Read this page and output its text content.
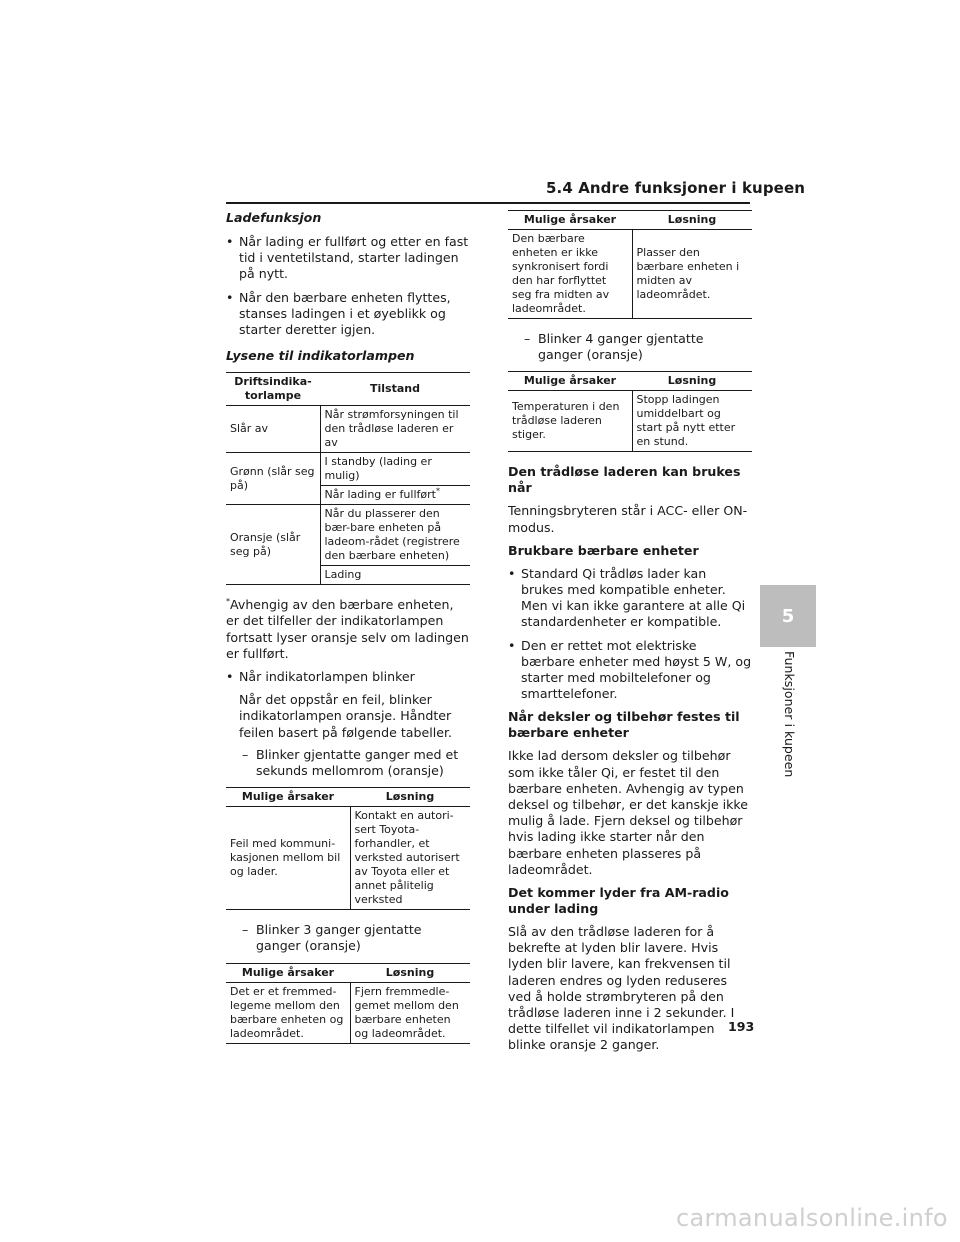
5.4 Andre funksjoner i kupeen
Ladefunksjon
• Når lading er fullført og etter en fast tid i ventetilstand, starter ladingen på nytt.
• Når den bærbare enheten flyttes, stanses ladingen i et øyeblikk og starter deretter igjen.
Lysene til indikatorlampen
Driftsindika-torlampe	Tilstand
Slår av	Når strømforsyningen til den trådløse laderen er av
Grønn (slår seg på)	I standby (lading er mulig)
	Når lading er fullført*
Oransje (slår seg på)	Når du plasserer den bær-bare enheten på ladeom-rådet (registrere den bærbare enheten)
	Lading
*Avhengig av den bærbare enheten, er det tilfeller der indikatorlampen fortsatt lyser oransje selv om ladingen er fullført.
• Når indikatorlampen blinker
Når det oppstår en feil, blinker indikatorlampen oransje. Håndter feilen basert på følgende tabeller.
– Blinker gjentatte ganger med et sekunds mellomrom (oransje)
Mulige årsaker	Løsning
Feil med kommuni-kasjonen mellom bil og lader.	Kontakt en autori-sert Toyota-forhandler, et verksted autorisert av Toyota eller et annet pålitelig verksted
– Blinker 3 ganger gjentatte ganger (oransje)
Mulige årsaker	Løsning
Det er et fremmed-legeme mellom den bærbare enheten og ladeområdet.	Fjern fremmedle-gemet mellom den bærbare enheten og ladeområdet.
Mulige årsaker	Løsning
Den bærbare enheten er ikke synkronisert fordi den har forflyttet seg fra midten av ladeområdet.	Plasser den bærbare enheten i midten av ladeområdet.
– Blinker 4 ganger gjentatte ganger (oransje)
Mulige årsaker	Løsning
Temperaturen i den trådløse laderen stiger.	Stopp ladingen umiddelbart og start på nytt etter en stund.
Den trådløse laderen kan brukes når
Tenningsbryteren står i ACC- eller ON-modus.
Brukbare bærbare enheter
• Standard Qi trådløs lader kan brukes med kompatible enheter. Men vi kan ikke garantere at alle Qi standardenheter er kompatible.
• Den er rettet mot elektriske bærbare enheter med høyst 5 W, og starter med mobiltelefoner og smarttelefoner.
Når deksler og tilbehør festes til bærbare enheter
Ikke lad dersom deksler og tilbehør som ikke tåler Qi, er festet til den bærbare enheten. Avhengig av typen deksel og tilbehør, er det kanskje ikke mulig å lade. Fjern deksel og tilbehør hvis lading ikke starter når den bærbare enheten plasseres på ladeområdet.
Det kommer lyder fra AM-radio under lading
Slå av den trådløse laderen for å bekrefte at lyden blir lavere. Hvis lyden blir lavere, kan frekvensen til laderen endres og lyden reduseres ved å holde strømbryteren på den trådløse laderen inne i 2 sekunder. I dette tilfellet vil indikatorlampen blinke oransje 2 ganger.
5
Funksjoner i kupeen
193
carmanualsonline.info
